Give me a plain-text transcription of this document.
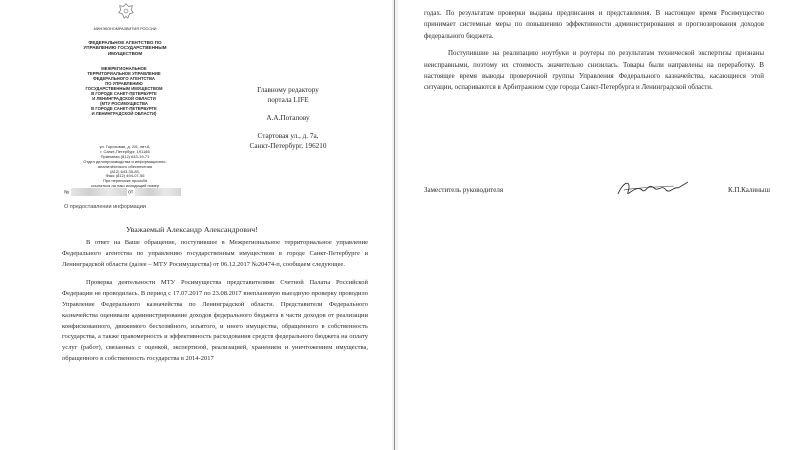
МИНЭКОНОМРАЗВИТИЯ РОССИИ
ФЕДЕРАЛЬНОЕ АГЕНТСТВО ПО
УПРАВЛЕНИЮ ГОСУДАРСТВЕННЫМ
ИМУЩЕСТВОМ
МЕЖРЕГИОНАЛЬНОЕ
ТЕРРИТОРИАЛЬНОЕ УПРАВЛЕНИЕ
ФЕДЕРАЛЬНОГО АГЕНТСТВА
ПО УПРАВЛЕНИЮ
ГОСУДАРСТВЕННЫМ ИМУЩЕСТВОМ
В ГОРОДЕ САНКТ-ПЕТЕРБУРГЕ
И ЛЕНИНГРАДСКОЙ ОБЛАСТИ
(МТУ РОСИМУЩЕСТВА
В ГОРОДЕ САНКТ-ПЕТЕРБУРГЕ
И ЛЕНИНГРАДСКОЙ ОБЛАСТИ)
ул. Гороховая, д. 2/6, лит.А,
г. Санкт-Петербург, 191186
Приемная (812) 643-19-71
Отдел делопроизводства и информационно-
аналитического обеспечения
(812) 643-35-83,
Факс (812) 494-07-56
При переписке просьба
ссылаться на наш исходящий номер
№	от
О предоставлении информации
Главному редактору
портала LIFE
А.А.Потапову
Стартовая ул., д. 7а,
Санкт-Петербург, 196210
Уважаемый Александр Александрович!

В ответ на Ваше обращение, поступившее в Межрегиональное территориальное управление Федерального агентства по управлению государственным имуществом в городе Санкт-Петербурге и Ленинградской области (далее – МТУ Росимущества) от 06.12.2017 №20474-п, сообщаем следующее.

Проверка деятельности МТУ Росимущества представителями Счетной Палаты Российской Федерации не проводилась. В период с 17.07.2017 по 23.08.2017 внеплановую выездную проверку проводило Управление Федерального казначейства по Ленинградской области. Представители Федерального казначейства оценивали администрирование доходов федерального бюджета в части доходов от реализации конфискованного, движимого бесхозяйного, изъятого, и иного имущества, обращенного в собственность государства, а также правомерность и эффективность расходования средств федерального бюджета на оплату услуг (работ), связанных с оценкой, экспертизой, реализацией, хранением и уничтожением имущества, обращенного в собственность государства в 2014-2017

годах. По результатам проверки выданы предписания и представления. В настоящее время Росимущество принимает системные меры по повышению эффективности администрирования и прогнозирования доходов федерального бюджета.

Поступившие на реализацию ноутбуки и роутеры по результатам технической экспертизы признаны неисправными, поэтому их стоимость значительно снизилась. Товары были направлены на переработку. В настоящее время выводы проверочной группы Управления Федерального казначейства, касающиеся этой ситуации, оспариваются в Арбитражном суде города Санкт-Петербурга и Ленинградской области.

Заместитель руководителя	К.П.Калиныш
